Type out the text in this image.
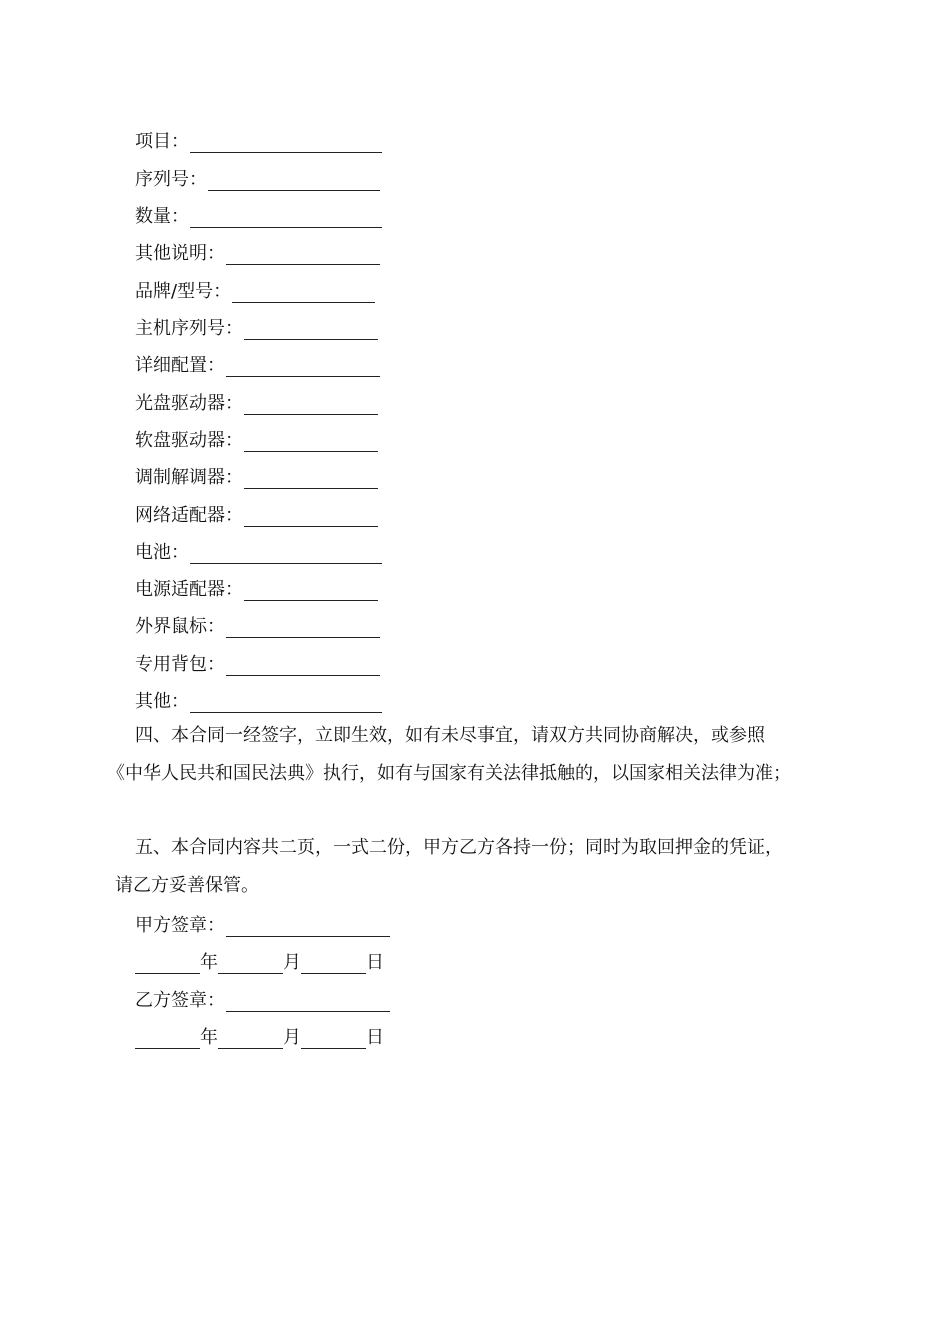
项目：
序列号：
数量：
其他说明：
品牌/型号：
主机序列号：
详细配置：
光盘驱动器：
软盘驱动器：
调制解调器：
网络适配器：
电池：
电源适配器：
外界鼠标：
专用背包：
其他：
四、本合同一经签字，立即生效，如有未尽事宜，请双方共同协商解决，或参照
《中华人民共和国民法典》执行，如有与国家有关法律抵触的，以国家相关法律为准；
五、本合同内容共二页，一式二份，甲方乙方各持一份；同时为取回押金的凭证，
请乙方妥善保管。
甲方签章：
年	月	日
乙方签章：
年	月	日
